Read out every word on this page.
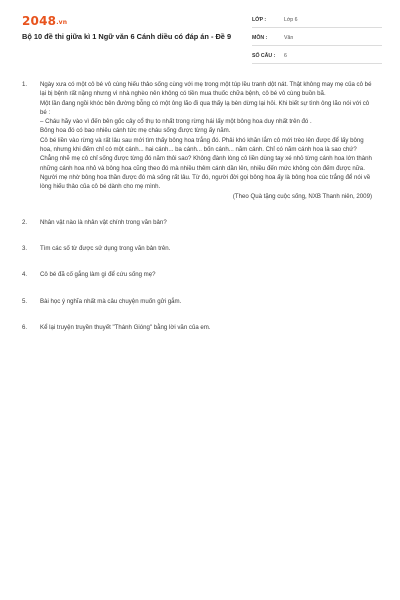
2048.vn
Bộ 10 đề thi giữa kì 1 Ngữ văn 6 Cánh diều có đáp án - Đề 9
LỚP :	Lớp 6
MÔN :	Văn
SỐ CÂU : 6
1. Ngày xưa có một cô bé vô cùng hiếu thảo sống cùng với mẹ trong một túp lều tranh dột nát. Thật không may mẹ của cô bé lại bị bệnh rất nặng nhưng vì nhà nghèo nên không có tiền mua thuốc chữa bệnh, cô bé vô cùng buồn bã.

Một lần đang ngồi khóc bên đường bỗng có một ông lão đi qua thấy lạ bèn dừng lại hỏi. Khi biết sự tình ông lão nói với cô bé :

– Cháu hãy vào vì đến bên gốc cây cổ thụ to nhất trong rừng hái lấy một bông hoa duy nhất trên đó .

Bông hoa đó có bao nhiêu cánh tức mẹ cháu sống được từng ấy năm.

Cô bé liền vào rừng và rất lâu sau mới tìm thấy bông hoa trắng đó. Phải khó khăn lắm cô mới trèo lên được để lấy bông hoa, nhưng khi đếm chỉ có một cánh... hai cánh... ba cánh... bốn cánh... năm cánh. Chỉ có năm cánh hoa là sao chứ? Chẳng nhẽ mẹ cô chỉ sống được từng đó năm thôi sao? Không đành lòng cô liền dùng tay xé nhỏ từng cánh hoa lớn thành những cánh hoa nhỏ và bông hoa cũng theo đó mà nhiều thêm cánh dần lên, nhiều đến mức không còn đếm được nữa. Người mẹ nhờ bông hoa thần được đó mà sống rất lâu. Từ đó, người đời gọi bông hoa ấy là bông hoa cúc trắng để nói về lòng hiếu thảo của cô bé dành cho mẹ mình.

(Theo Quà tặng cuộc sống, NXB Thanh niên, 2009)

2. Nhân vật nào là nhân vật chính trong văn bản?
3. Tìm các số từ được sử dụng trong văn bản trên.
4. Cô bé đã cố gắng làm gì để cứu sống mẹ?
5. Bài học ý nghĩa nhất mà câu chuyện muốn gửi gắm.
6. Kể lại truyện truyền thuyết "Thánh Gióng" bằng lời văn của em.
